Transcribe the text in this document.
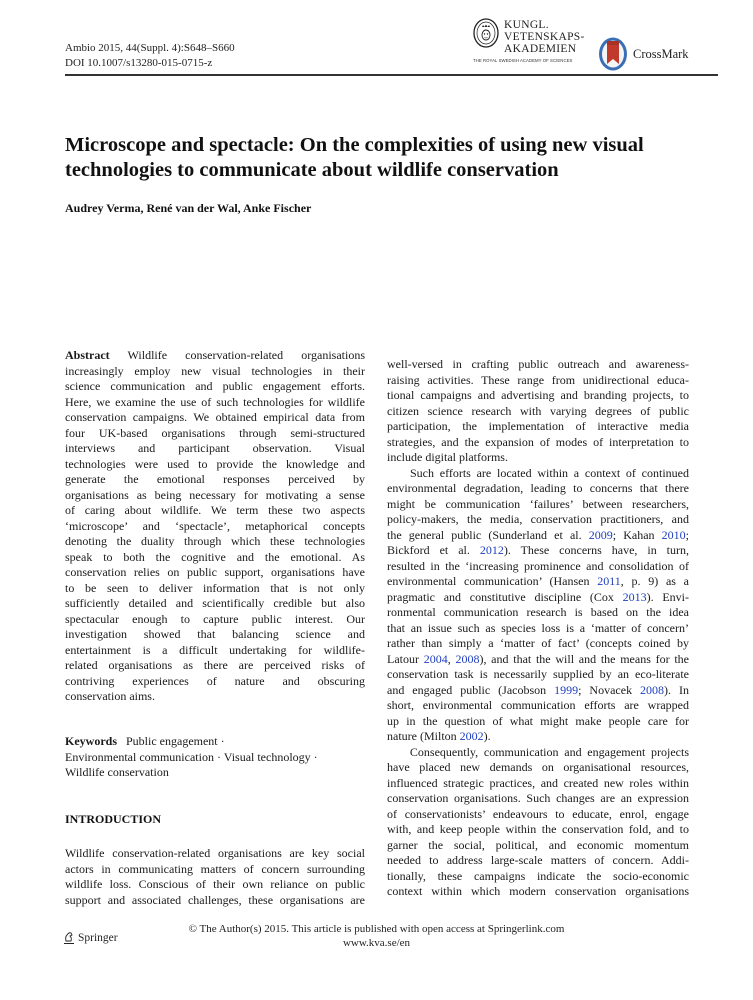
Ambio 2015, 44(Suppl. 4):S648–S660
DOI 10.1007/s13280-015-0715-z
KUNGL.
VETENSKAPS-
AKADEMIEN
THE ROYAL SWEDISH ACADEMY OF SCIENCES	CrossMark
Microscope and spectacle: On the complexities of using new visual
technologies to communicate about wildlife conservation
Audrey Verma, René van der Wal, Anke Fischer
Abstract Wildlife conservation-related organisations
increasingly employ new visual technologies in their
science communication and public engagement efforts.
Here, we examine the use of such technologies for wildlife
conservation campaigns. We obtained empirical data from
four UK-based organisations through semi-structured
interviews and participant observation. Visual
technologies were used to provide the knowledge and
generate the emotional responses perceived by
organisations as being necessary for motivating a sense
of caring about wildlife. We term these two aspects
‘microscope’ and ‘spectacle’, metaphorical concepts
denoting the duality through which these technologies
speak to both the cognitive and the emotional. As
conservation relies on public support, organisations have
to be seen to deliver information that is not only
sufficiently detailed and scientifically credible but also
spectacular enough to capture public interest. Our
investigation showed that balancing science and
entertainment is a difficult undertaking for wildlife-
related organisations as there are perceived risks of
contriving experiences of nature and obscuring
conservation aims.
Keywords Public engagement ·
Environmental communication · Visual technology ·
Wildlife conservation
INTRODUCTION
Wildlife conservation-related organisations are key social
actors in communicating matters of concern surrounding
wildlife loss. Conscious of their own reliance on public
support and associated challenges, these organisations are
well-versed in crafting public outreach and awareness-
raising activities. These range from unidirectional educa-
tional campaigns and advertising and branding projects, to
citizen science research with varying degrees of public
participation, the implementation of interactive media
strategies, and the expansion of modes of interpretation to
include digital platforms.
Such efforts are located within a context of continued
environmental degradation, leading to concerns that there
might be communication ‘failures’ between researchers,
policy-makers, the media, conservation practitioners, and
the general public (Sunderland et al. 2009; Kahan 2010;
Bickford et al. 2012). These concerns have, in turn,
resulted in the ‘increasing prominence and consolidation of
environmental communication’ (Hansen 2011, p. 9) as a
pragmatic and constitutive discipline (Cox 2013). Envi-
ronmental communication research is based on the idea
that an issue such as species loss is a ‘matter of concern’
rather than simply a ‘matter of fact’ (concepts coined by
Latour 2004, 2008), and that the will and the means for the
conservation task is necessarily supplied by an eco-literate
and engaged public (Jacobson 1999; Novacek 2008). In
short, environmental communication efforts are wrapped
up in the question of what might make people care for
nature (Milton 2002).
Consequently, communication and engagement projects
have placed new demands on organisational resources,
influenced strategic practices, and created new roles within
conservation organisations. Such changes are an expression
of conservationists’ endeavours to educate, enrol, engage
with, and keep people within the conservation fold, and to
garner the social, political, and economic momentum
needed to address large-scale matters of concern. Addi-
tionally, these campaigns indicate the socio-economic
context within which modern conservation organisations
Springer
© The Author(s) 2015. This article is published with open access at Springerlink.com
www.kva.se/en
